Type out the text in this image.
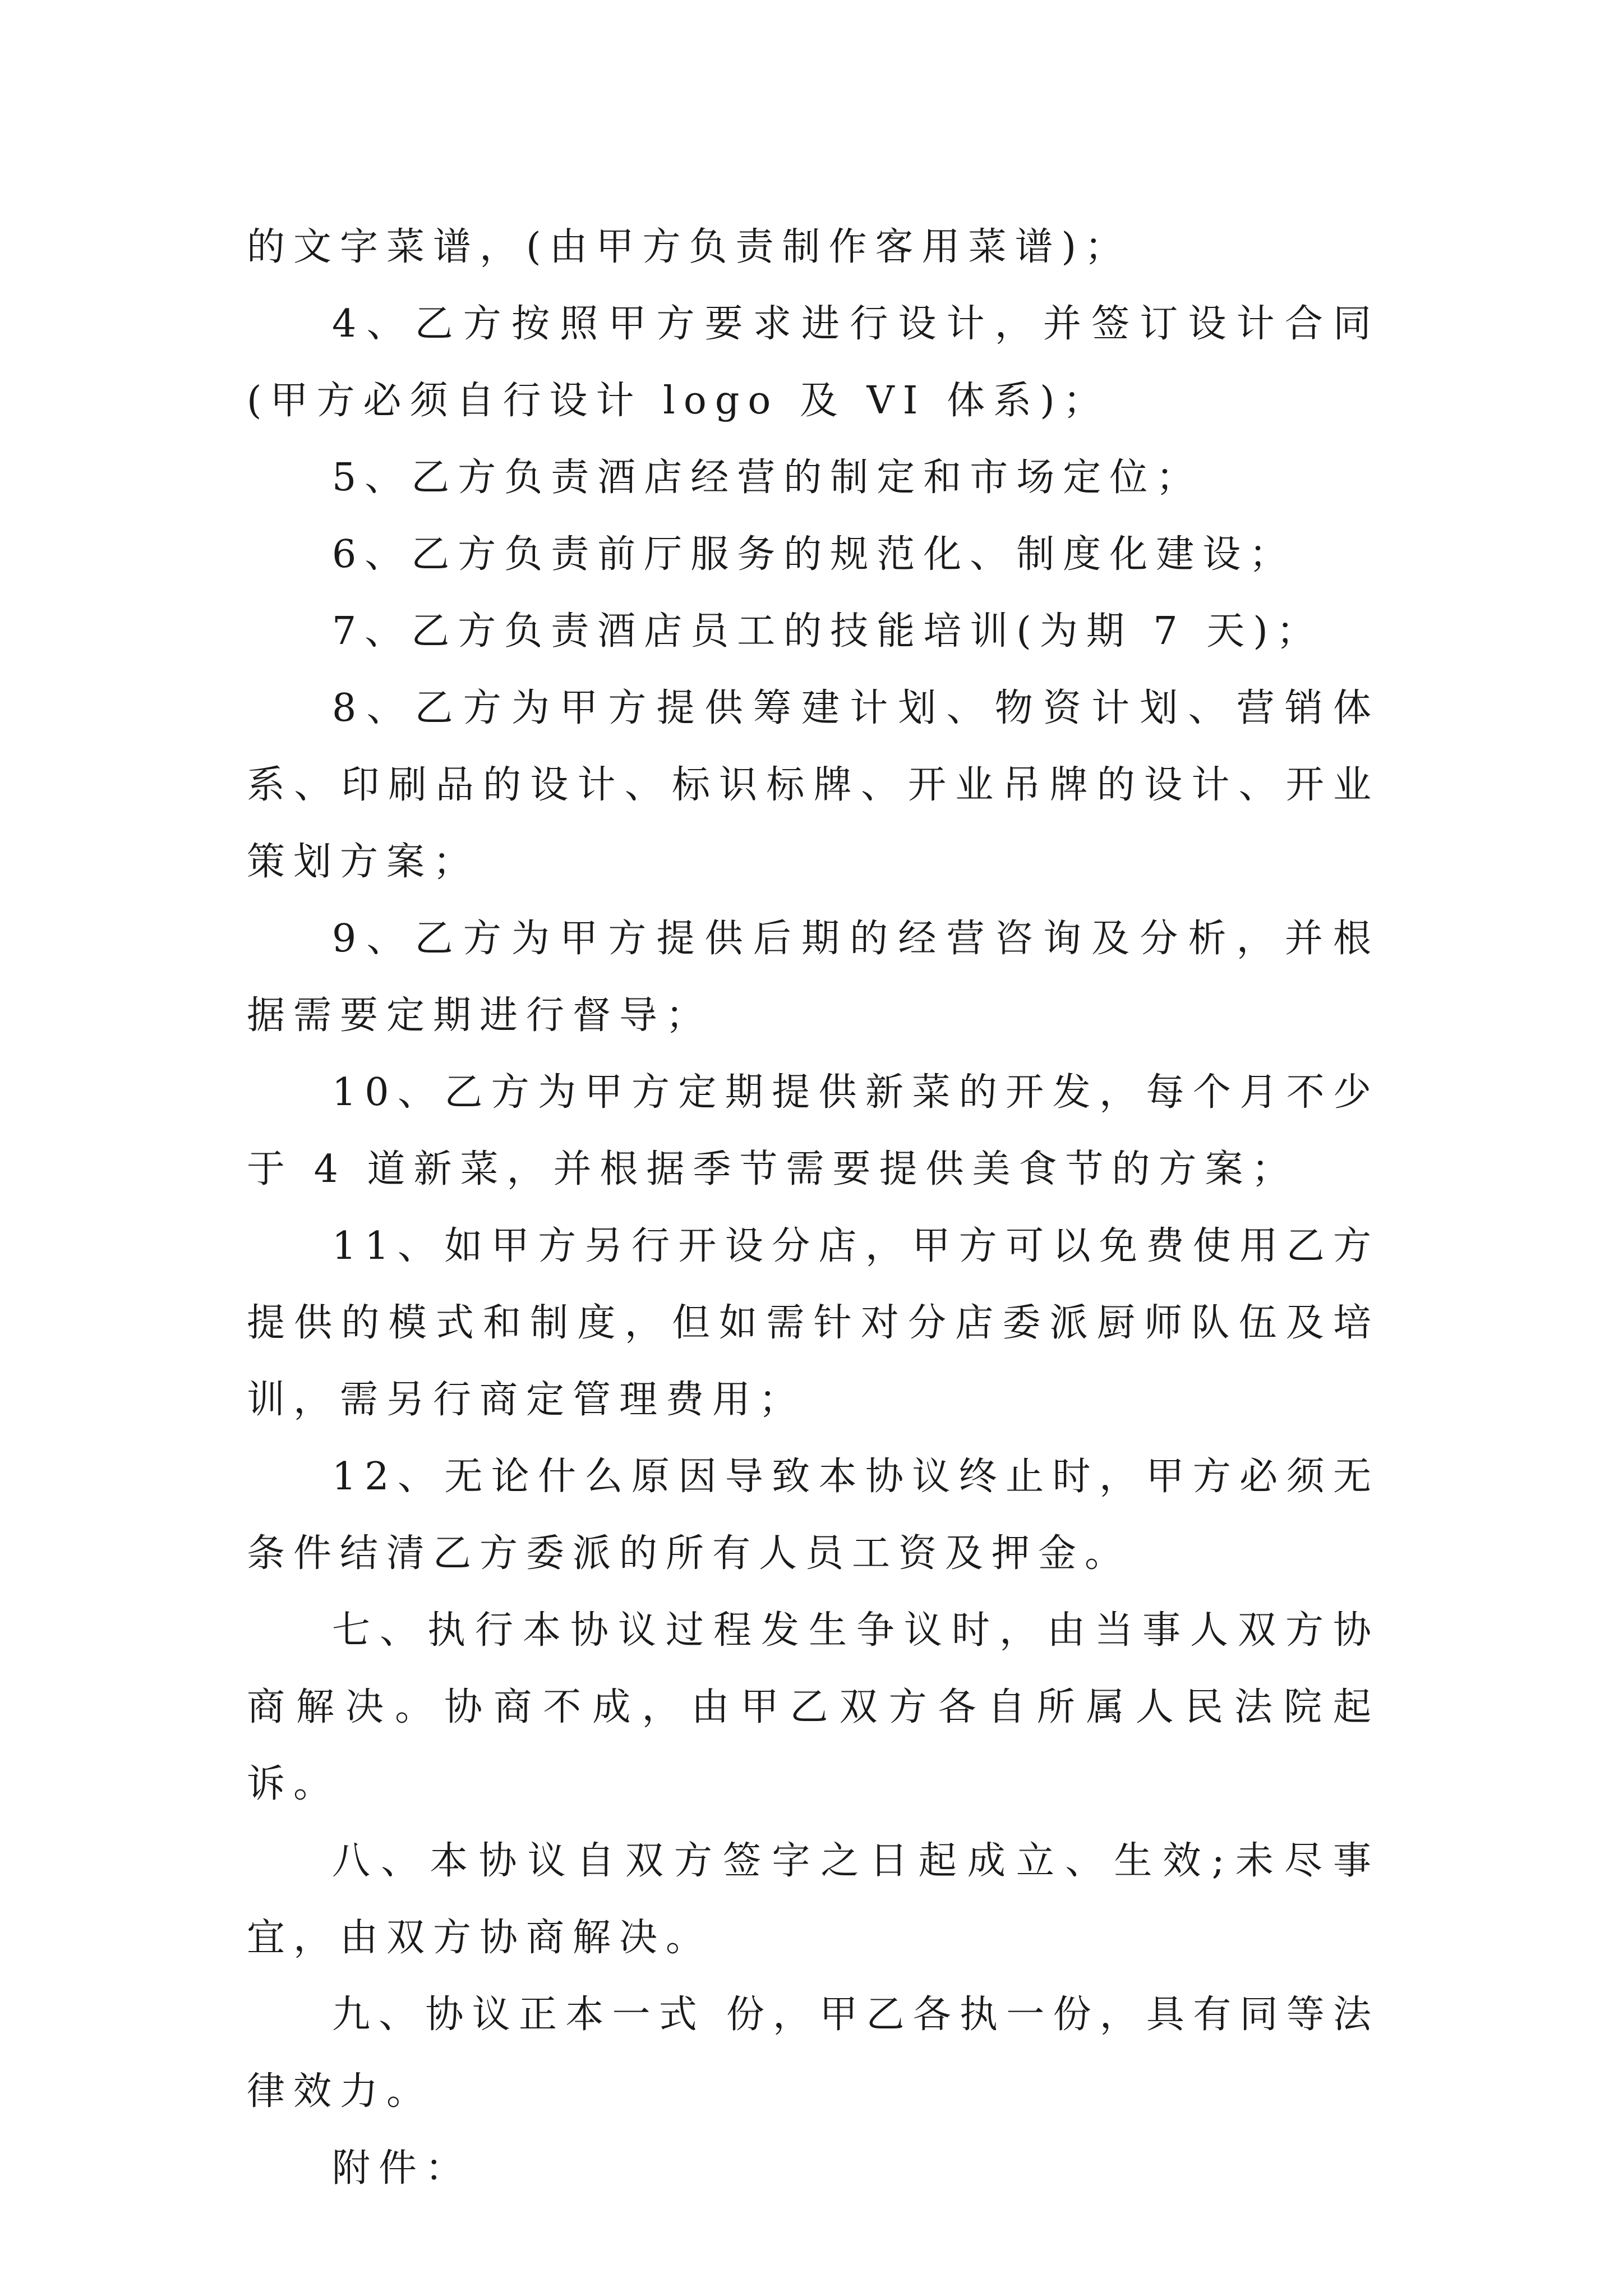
的文字菜谱，(由甲方负责制作客用菜谱)；

4、乙方按照甲方要求进行设计，并签订设计合同(甲方必须自行设计 logo 及 VI 体系)；

5、乙方负责酒店经营的制定和市场定位；

6、乙方负责前厅服务的规范化、制度化建设；

7、乙方负责酒店员工的技能培训(为期 7 天)；

8、乙方为甲方提供筹建计划、物资计划、营销体系、印刷品的设计、标识标牌、开业吊牌的设计、开业策划方案；

9、乙方为甲方提供后期的经营咨询及分析，并根据需要定期进行督导；

10、乙方为甲方定期提供新菜的开发，每个月不少于 4 道新菜，并根据季节需要提供美食节的方案；

11、如甲方另行开设分店，甲方可以免费使用乙方提供的模式和制度，但如需针对分店委派厨师队伍及培训，需另行商定管理费用；

12、无论什么原因导致本协议终止时，甲方必须无条件结清乙方委派的所有人员工资及押金。

七、执行本协议过程发生争议时，由当事人双方协商解决。协商不成，由甲乙双方各自所属人民法院起诉。

八、本协议自双方签字之日起成立、生效;未尽事宜，由双方协商解决。

九、协议正本一式 份，甲乙各执一份，具有同等法律效力。

附件：
